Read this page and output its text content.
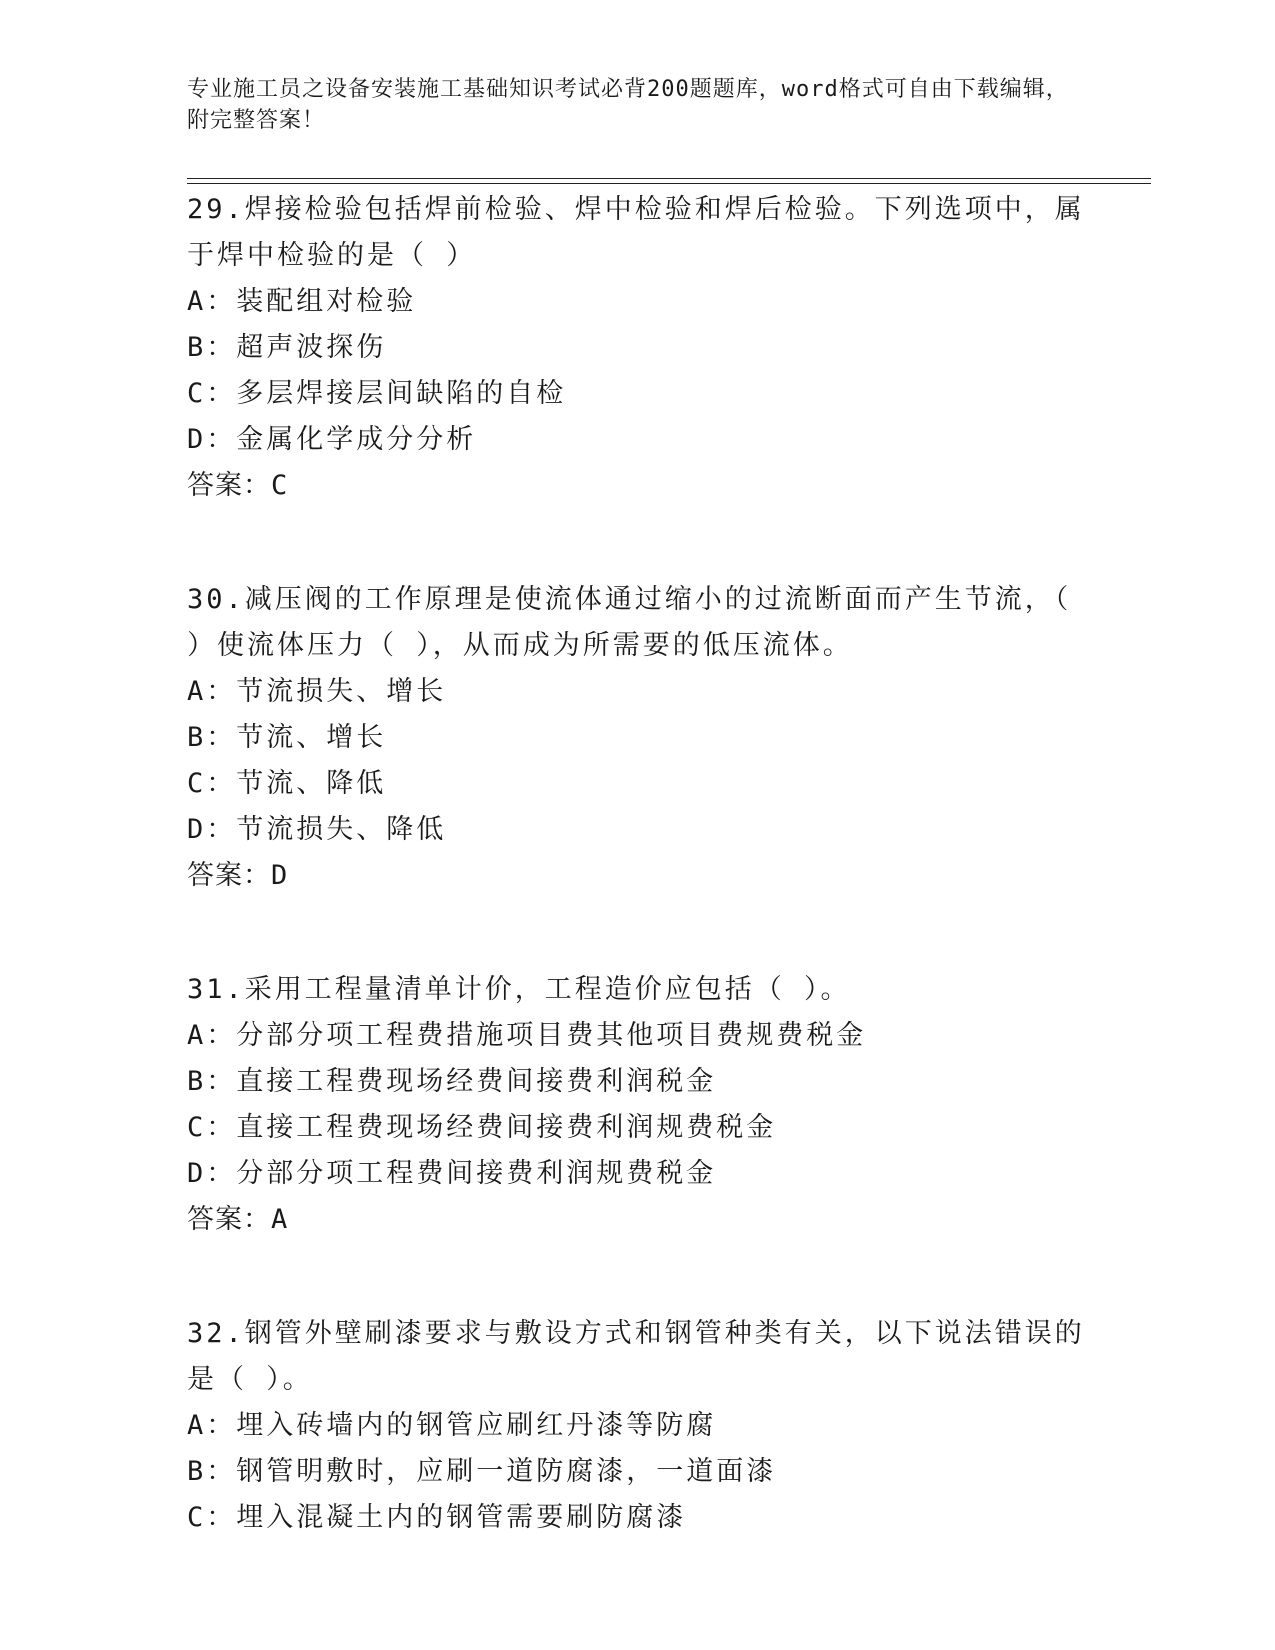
专业施工员之设备安装施工基础知识考试必背200题题库，word格式可自由下载编辑，附完整答案！
29.焊接检验包括焊前检验、焊中检验和焊后检验。下列选项中，属于焊中检验的是（ ）
A：装配组对检验
B：超声波探伤
C：多层焊接层间缺陷的自检
D：金属化学成分分析
答案：C
30.减压阀的工作原理是使流体通过缩小的过流断面而产生节流，（ ）使流体压力（ ），从而成为所需要的低压流体。
A：节流损失、增长
B：节流、增长
C：节流、降低
D：节流损失、降低
答案：D
31.采用工程量清单计价，工程造价应包括（ ）。
A：分部分项工程费措施项目费其他项目费规费税金
B：直接工程费现场经费间接费利润税金
C：直接工程费现场经费间接费利润规费税金
D：分部分项工程费间接费利润规费税金
答案：A
32.钢管外壁刷漆要求与敷设方式和钢管种类有关，以下说法错误的是（ ）。
A：埋入砖墙内的钢管应刷红丹漆等防腐
B：钢管明敷时，应刷一道防腐漆，一道面漆
C：埋入混凝土内的钢管需要刷防腐漆
